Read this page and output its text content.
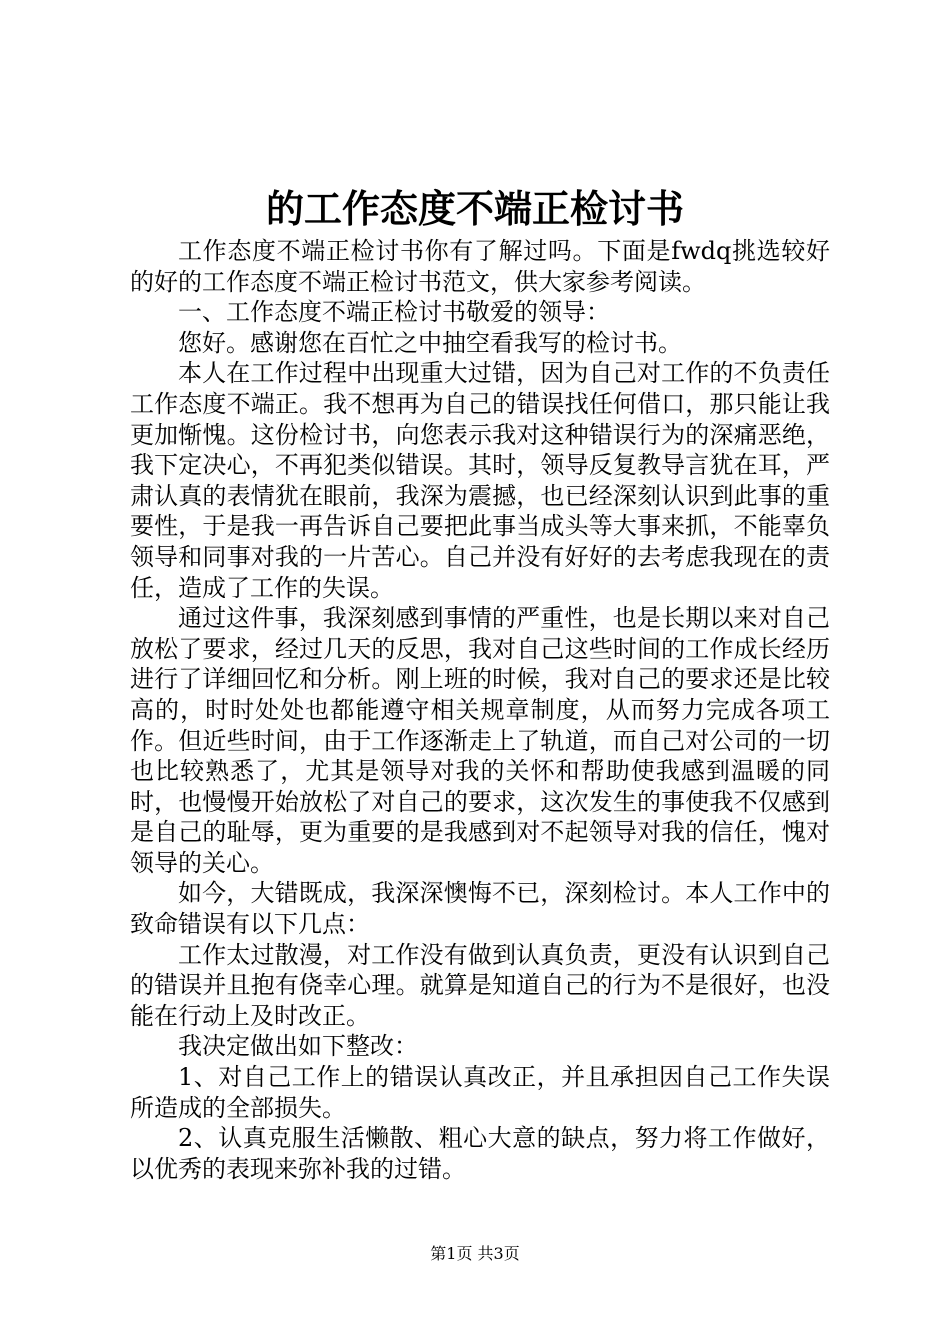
的工作态度不端正检讨书

工作态度不端正检讨书你有了解过吗。下面是fwdq挑选较好的好的工作态度不端正检讨书范文，供大家参考阅读。

一、工作态度不端正检讨书敬爱的领导：

您好。感谢您在百忙之中抽空看我写的检讨书。

本人在工作过程中出现重大过错，因为自己对工作的不负责任工作态度不端正。我不想再为自己的错误找任何借口，那只能让我更加惭愧。这份检讨书，向您表示我对这种错误行为的深痛恶绝，我下定决心，不再犯类似错误。其时，领导反复教导言犹在耳，严肃认真的表情犹在眼前，我深为震撼，也已经深刻认识到此事的重要性，于是我一再告诉自己要把此事当成头等大事来抓，不能辜负领导和同事对我的一片苦心。自己并没有好好的去考虑我现在的责任，造成了工作的失误。

通过这件事，我深刻感到事情的严重性，也是长期以来对自己放松了要求，经过几天的反思，我对自己这些时间的工作成长经历进行了详细回忆和分析。刚上班的时候，我对自己的要求还是比较高的，时时处处也都能遵守相关规章制度，从而努力完成各项工作。但近些时间，由于工作逐渐走上了轨道，而自己对公司的一切也比较熟悉了，尤其是领导对我的关怀和帮助使我感到温暖的同时，也慢慢开始放松了对自己的要求，这次发生的事使我不仅感到是自己的耻辱，更为重要的是我感到对不起领导对我的信任，愧对领导的关心。

如今，大错既成，我深深懊悔不已，深刻检讨。本人工作中的致命错误有以下几点：

工作太过散漫，对工作没有做到认真负责，更没有认识到自己的错误并且抱有侥幸心理。就算是知道自己的行为不是很好，也没能在行动上及时改正。

我决定做出如下整改：

1、对自己工作上的错误认真改正，并且承担因自己工作失误所造成的全部损失。

2、认真克服生活懒散、粗心大意的缺点，努力将工作做好，以优秀的表现来弥补我的过错。

第1页 共3页
